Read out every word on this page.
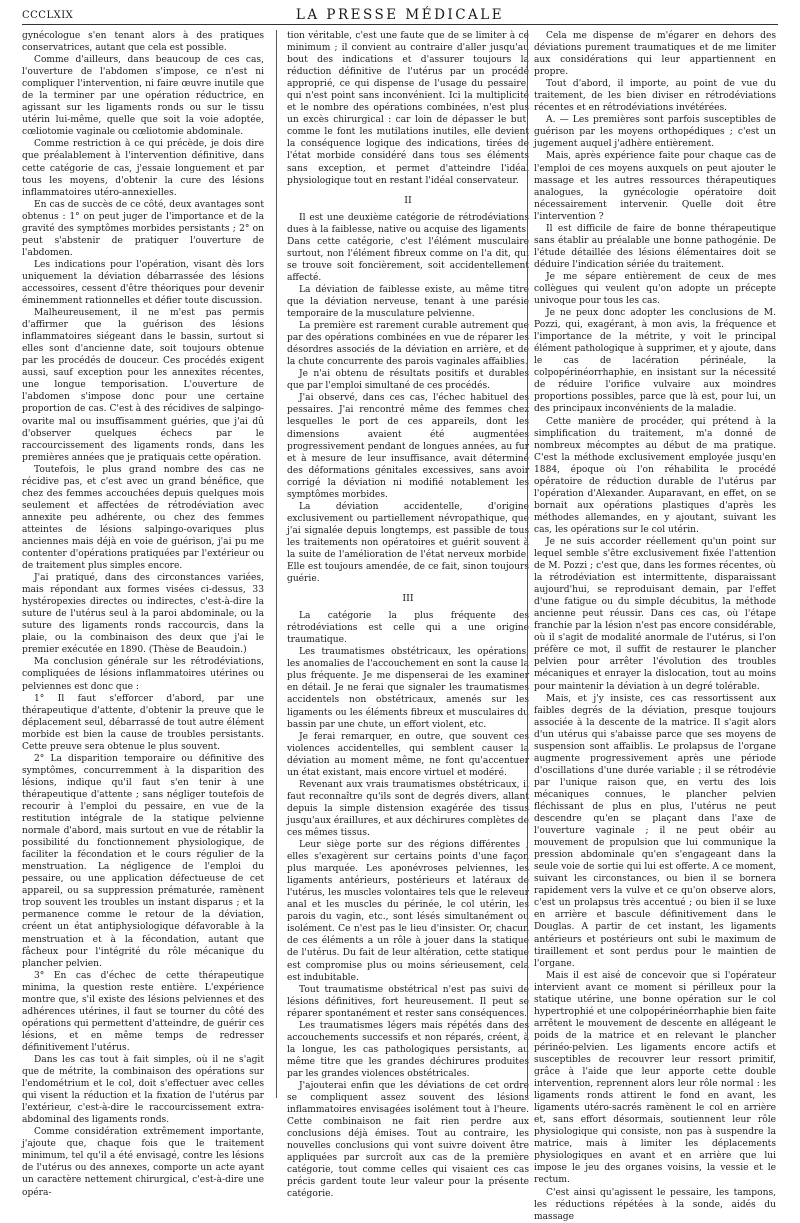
CCCLXIX	LA PRESSE MÉDICALE

gynécologue s'en tenant alors à des pratiques conservatrices, autant que cela est possible.

Comme d'ailleurs, dans beaucoup de ces cas, l'ouverture de l'abdomen s'impose, ce n'est ni compliquer l'intervention, ni faire œuvre inutile que de la terminer par une opération réductrice, en agissant sur les ligaments ronds ou sur le tissu utérin lui-même, quelle que soit la voie adoptée, cœliotomie vaginale ou cœliotomie abdominale.

Comme restriction à ce qui précède, je dois dire que préalablement à l'intervention définitive, dans cette catégorie de cas, j'essaie longuement et par tous les moyens, d'obtenir la cure des lésions inflammatoires utéro-annexielles.

En cas de succès de ce côté, deux avantages sont obtenus : 1° on peut juger de l'importance et de la gravité des symptômes morbides persistants ; 2° on peut s'abstenir de pratiquer l'ouverture de l'abdomen.

Les indications pour l'opération, visant dès lors uniquement la déviation débarrassée des lésions accessoires, cessent d'être théoriques pour devenir éminemment rationnelles et défier toute discussion.

Malheureusement, il ne m'est pas permis d'affirmer que la guérison des lésions inflammatoires siégeant dans le bassin, surtout si elles sont d'ancienne date, soit toujours obtenue par les procédés de douceur. Ces procédés exigent aussi, sauf exception pour les annexites récentes, une longue temporisation. L'ouverture de l'abdomen s'impose donc pour une certaine proportion de cas. C'est à des récidives de salpingo-ovarite mal ou insuffisamment guéries, que j'ai dû d'observer quelques échecs par le raccourcissement des ligaments ronds, dans les premières années que je pratiquais cette opération.

Toutefois, le plus grand nombre des cas ne récidive pas, et c'est avec un grand bénéfice, que chez des femmes accouchées depuis quelques mois seulement et affectées de rétrodéviation avec annexite peu adhérente, ou chez des femmes atteintes de lésions salpingo-ovariques plus anciennes mais déjà en voie de guérison, j'ai pu me contenter d'opérations pratiquées par l'extérieur ou de traitement plus simples encore.

J'ai pratiqué, dans des circonstances variées, mais répondant aux formes visées ci-dessus, 33 hystéropexies directes ou indirectes, c'est-à-dire la suture de l'utérus seul à la paroi abdominale, ou la suture des ligaments ronds raccourcis, dans la plaie, ou la combinaison des deux que j'ai le premier exécutée en 1890. (Thèse de Beaudoin.)

Ma conclusion générale sur les rétrodéviations, compliquées de lésions inflammatoires utérines ou pelviennes est donc que :

1° Il faut s'efforcer d'abord, par une thérapeutique d'attente, d'obtenir la preuve que le déplacement seul, débarrassé de tout autre élément morbide est bien la cause de troubles persistants. Cette preuve sera obtenue le plus souvent.

2° La disparition temporaire ou définitive des symptômes, concurremment à la disparition des lésions, indique qu'il faut s'en tenir à une thérapeutique d'attente ; sans négliger toutefois de recourir à l'emploi du pessaire, en vue de la restitution intégrale de la statique pelvienne normale d'abord, mais surtout en vue de rétablir la possibilité du fonctionnement physiologique, de faciliter la fécondation et le cours régulier de la menstruation. La négligence de l'emploi du pessaire, ou une application défectueuse de cet appareil, ou sa suppression prématurée, ramènent trop souvent les troubles un instant disparus ; et la permanence comme le retour de la déviation, créent un état antiphysiologique défavorable à la menstruation et à la fécondation, autant que fâcheux pour l'intégrité du rôle mécanique du plancher pelvien.

3° En cas d'échec de cette thérapeutique minima, la question reste entière. L'expérience montre que, s'il existe des lésions pelviennes et des adhérences utérines, il faut se tourner du côté des opérations qui permettent d'atteindre, de guérir ces lésions, et en même temps de redresser définitivement l'utérus.

Dans les cas tout à fait simples, où il ne s'agit que de métrite, la combinaison des opérations sur l'endométrium et le col, doit s'effectuer avec celles qui visent la réduction et la fixation de l'utérus par l'extérieur, c'est-à-dire le raccourcissement extra-abdominal des ligaments ronds.

Comme considération extrêmement importante, j'ajoute que, chaque fois que le traitement minimum, tel qu'il a été envisagé, contre les lésions de l'utérus ou des annexes, comporte un acte ayant un caractère nettement chirurgical, c'est-à-dire une opéra-

tion véritable, c'est une faute que de se limiter à ce minimum ; il convient au contraire d'aller jusqu'au bout des indications et d'assurer toujours la réduction définitive de l'utérus par un procédé approprié, ce qui dispense de l'usage du pessaire, qui n'est point sans inconvénient. Ici la multiplicité et le nombre des opérations combinées, n'est plus un excès chirurgical : car loin de dépasser le but, comme le font les mutilations inutiles, elle devient la conséquence logique des indications, tirées de l'état morbide considéré dans tous ses éléments sans exception, et permet d'atteindre l'idéal physiologique tout en restant l'idéal conservateur.

II

Il est une deuxième catégorie de rétrodéviations dues à la faiblesse, native ou acquise des ligaments. Dans cette catégorie, c'est l'élément musculaire surtout, non l'élément fibreux comme on l'a dit, qui se trouve soit foncièrement, soit accidentellement affecté.

La déviation de faiblesse existe, au même titre que la déviation nerveuse, tenant à une parésie temporaire de la musculature pelvienne.

La première est rarement curable autrement que par des opérations combinées en vue de réparer les désordres associés de la déviation en arrière, et de la chute concurrente des parois vaginales affaiblies.

Je n'ai obtenu de résultats positifs et durables que par l'emploi simultané de ces procédés.

J'ai observé, dans ces cas, l'échec habituel des pessaires. J'ai rencontré même des femmes chez lesquelles le port de ces appareils, dont les dimensions avaient été augmentées progressivement pendant de longues années, au fur et à mesure de leur insuffisance, avait déterminé des déformations génitales excessives, sans avoir corrigé la déviation ni modifié notablement les symptômes morbides.

La déviation accidentelle, d'origine exclusivement ou partiellement névropathique, que j'ai signalée depuis longtemps, est passible de tous les traitements non opératoires et guérit souvent à la suite de l'amélioration de l'état nerveux morbide. Elle est toujours amendée, de ce fait, sinon toujours guérie.

III

La catégorie la plus fréquente des rétrodéviations est celle qui a une origine traumatique.

Les traumatismes obstétricaux, les opérations, les anomalies de l'accouchement en sont la cause la plus fréquente. Je me dispenserai de les examiner en détail. Je ne ferai que signaler les traumatismes accidentels non obstétricaux, amenés sur les ligaments ou les éléments fibreux et musculaires du bassin par une chute, un effort violent, etc.

Je ferai remarquer, en outre, que souvent ces violences accidentelles, qui semblent causer la déviation au moment même, ne font qu'accentuer un état existant, mais encore virtuel et modéré.

Revenant aux vrais traumatismes obstétricaux, il faut reconnaître qu'ils sont de degrés divers, allant depuis la simple distension exagérée des tissus jusqu'aux éraillures, et aux déchirures complètes de ces mêmes tissus.

Leur siège porte sur des régions différentes ; elles s'exagèrent sur certains points d'une façon plus marquée. Les aponévroses pelviennes, les ligaments antérieurs, postérieurs et latéraux de l'utérus, les muscles volontaires tels que le releveur anal et les muscles du périnée, le col utérin, les parois du vagin, etc., sont lésés simultanément ou isolément. Ce n'est pas le lieu d'insister. Or, chacun de ces éléments a un rôle à jouer dans la statique de l'utérus. Du fait de leur altération, cette statique est compromise plus ou moins sérieusement, cela est indubitable.

Tout traumatisme obstétrical n'est pas suivi de lésions définitives, fort heureusement. Il peut se réparer spontanément et rester sans conséquences.

Les traumatismes légers mais répétés dans des accouchements successifs et non réparés, créent, à la longue, les cas pathologiques persistants, au même titre que les grandes déchirures produites par les grandes violences obstétricales.

J'ajouterai enfin que les déviations de cet ordre se compliquent assez souvent des lésions inflammatoires envisagées isolément tout à l'heure. Cette combinaison ne fait rien perdre aux conclusions déjà émises. Tout au contraire, les nouvelles conclusions qui vont suivre doivent être appliquées par surcroît aux cas de la première catégorie, tout comme celles qui visaient ces cas précis gardent toute leur valeur pour la présente catégorie.

Cela me dispense de m'égarer en dehors des déviations purement traumatiques et de me limiter aux considérations qui leur appartiennent en propre.

Tout d'abord, il importe, au point de vue du traitement, de les bien diviser en rétrodéviations récentes et en rétrodéviations invétérées.

A. — Les premières sont parfois susceptibles de guérison par les moyens orthopédiques ; c'est un jugement auquel j'adhère entièrement.

Mais, après expérience faite pour chaque cas de l'emploi de ces moyens auxquels on peut ajouter le massage et les autres ressources thérapeutiques analogues, la gynécologie opératoire doit nécessairement intervenir. Quelle doit être l'intervention ?

Il est difficile de faire de bonne thérapeutique sans établir au préalable une bonne pathogénie. De l'étude détaillée des lésions élémentaires doit se déduire l'indication sériée du traitement.

Je me sépare entièrement de ceux de mes collègues qui veulent qu'on adopte un précepte univoque pour tous les cas.

Je ne peux donc adopter les conclusions de M. Pozzi, qui, exagérant, à mon avis, la fréquence et l'importance de la métrite, y voit le principal élément pathologique à supprimer, et y ajoute, dans le cas de lacération périnéale, la colpopérinéorrhaphie, en insistant sur la nécessité de réduire l'orifice vulvaire aux moindres proportions possibles, parce que là est, pour lui, un des principaux inconvénients de la maladie.

Cette manière de procéder, qui prétend à la simplification du traitement, m'a donné de nombreux mécomptes au début de ma pratique. C'est la méthode exclusivement employée jusqu'en 1884, époque où l'on réhabilita le procédé opératoire de réduction durable de l'utérus par l'opération d'Alexander. Auparavant, en effet, on se bornait aux opérations plastiques d'après les méthodes allemandes, en y ajoutant, suivant les cas, les opérations sur le col utérin.

Je ne suis accorder réellement qu'un point sur lequel semble s'être exclusivement fixée l'attention de M. Pozzi ; c'est que, dans les formes récentes, où la rétrodéviation est intermittente, disparaissant aujourd'hui, se reproduisant demain, par l'effet d'une fatigue ou du simple décubitus, la méthode ancienne peut réussir. Dans ces cas, où l'étape franchie par la lésion n'est pas encore considérable, où il s'agit de modalité anormale de l'utérus, si l'on préfère ce mot, il suffit de restaurer le plancher pelvien pour arrêter l'évolution des troubles mécaniques et enrayer la dislocation, tout au moins pour maintenir la déviation à un degré tolérable.

Mais, et j'y insiste, ces cas ressortissent aux faibles degrés de la déviation, presque toujours associée à la descente de la matrice. Il s'agit alors d'un utérus qui s'abaisse parce que ses moyens de suspension sont affaiblis. Le prolapsus de l'organe augmente progressivement après une période d'oscillations d'une durée variable ; il se rétrodévie par l'unique raison que, en vertu des lois mécaniques connues, le plancher pelvien fléchissant de plus en plus, l'utérus ne peut descendre qu'en se plaçant dans l'axe de l'ouverture vaginale ; il ne peut obéir au mouvement de propulsion que lui communique la pression abdominale qu'en s'engageant dans la seule voie de sortie qui lui est offerte. A ce moment, suivant les circonstances, ou bien il se bornera rapidement vers la vulve et ce qu'on observe alors, c'est un prolapsus très accentué ; ou bien il se luxe en arrière et bascule définitivement dans le Douglas. A partir de cet instant, les ligaments antérieurs et postérieurs ont subi le maximum de tiraillement et sont perdus pour le maintien de l'organe.

Mais il est aisé de concevoir que si l'opérateur intervient avant ce moment si périlleux pour la statique utérine, une bonne opération sur le col hypertrophié et une colpopérinéorrhaphie bien faite arrêtent le mouvement de descente en allégeant le poids de la matrice et en relevant le plancher périnéo-pelvien. Les ligaments encore actifs et susceptibles de recouvrer leur ressort primitif, grâce à l'aide que leur apporte cette double intervention, reprennent alors leur rôle normal : les ligaments ronds attirent le fond en avant, les ligaments utéro-sacrés ramènent le col en arrière et, sans effort désormais, soutiennent leur rôle physiologique qui consiste, non pas à suspendre la matrice, mais à limiter les déplacements physiologiques en avant et en arrière que lui impose le jeu des organes voisins, la vessie et le rectum.

C'est ainsi qu'agissent le pessaire, les tampons, les réductions répétées à la sonde, aidés du massage
